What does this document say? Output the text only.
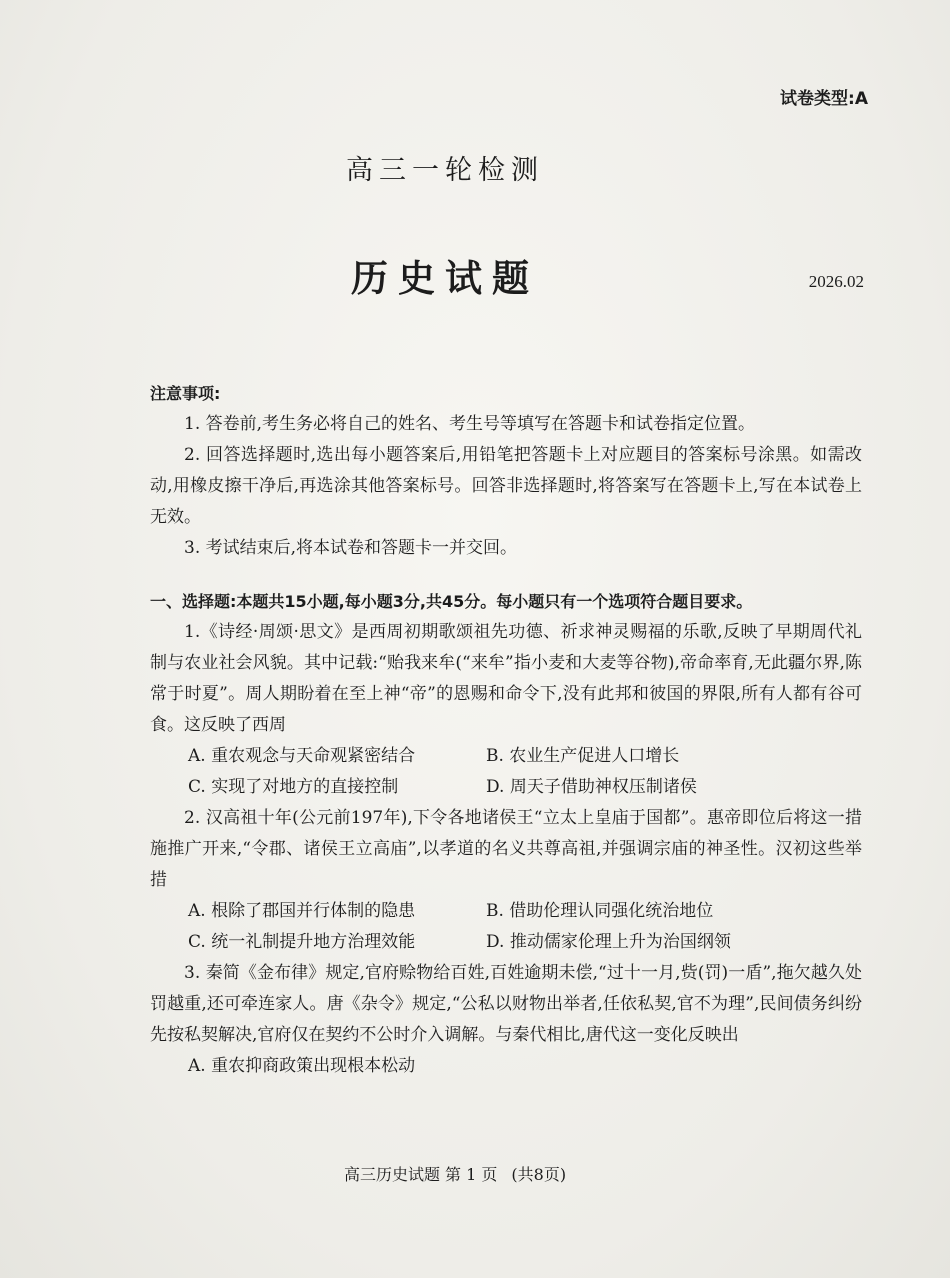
试卷类型:A
高三一轮检测
历史试题	2026.02
注意事项:

1. 答卷前,考生务必将自己的姓名、考生号等填写在答题卡和试卷指定位置。

2. 回答选择题时,选出每小题答案后,用铅笔把答题卡上对应题目的答案标号涂黑。如需改动,用橡皮擦干净后,再选涂其他答案标号。回答非选择题时,将答案写在答题卡上,写在本试卷上无效。

3. 考试结束后,将本试卷和答题卡一并交回。

一、选择题:本题共15小题,每小题3分,共45分。每小题只有一个选项符合题目要求。

1.《诗经·周颂·思文》是西周初期歌颂祖先功德、祈求神灵赐福的乐歌,反映了早期周代礼制与农业社会风貌。其中记载:“贻我来牟(“来牟”指小麦和大麦等谷物),帝命率育,无此疆尔界,陈常于时夏”。周人期盼着在至上神“帝”的恩赐和命令下,没有此邦和彼国的界限,所有人都有谷可食。这反映了西周

A. 重农观念与天命观紧密结合	B. 农业生产促进人口增长
C. 实现了对地方的直接控制	D. 周天子借助神权压制诸侯

2. 汉高祖十年(公元前197年),下令各地诸侯王“立太上皇庙于国都”。惠帝即位后将这一措施推广开来,“令郡、诸侯王立高庙”,以孝道的名义共尊高祖,并强调宗庙的神圣性。汉初这些举措

A. 根除了郡国并行体制的隐患	B. 借助伦理认同强化统治地位
C. 统一礼制提升地方治理效能	D. 推动儒家伦理上升为治国纲领

3. 秦简《金布律》规定,官府赊物给百姓,百姓逾期未偿,“过十一月,赀(罚)一盾”,拖欠越久处罚越重,还可牵连家人。唐《杂令》规定,“公私以财物出举者,任依私契,官不为理”,民间债务纠纷先按私契解决,官府仅在契约不公时介入调解。与秦代相比,唐代这一变化反映出

A. 重农抑商政策出现根本松动
高三历史试题 第 1 页 (共8页)
